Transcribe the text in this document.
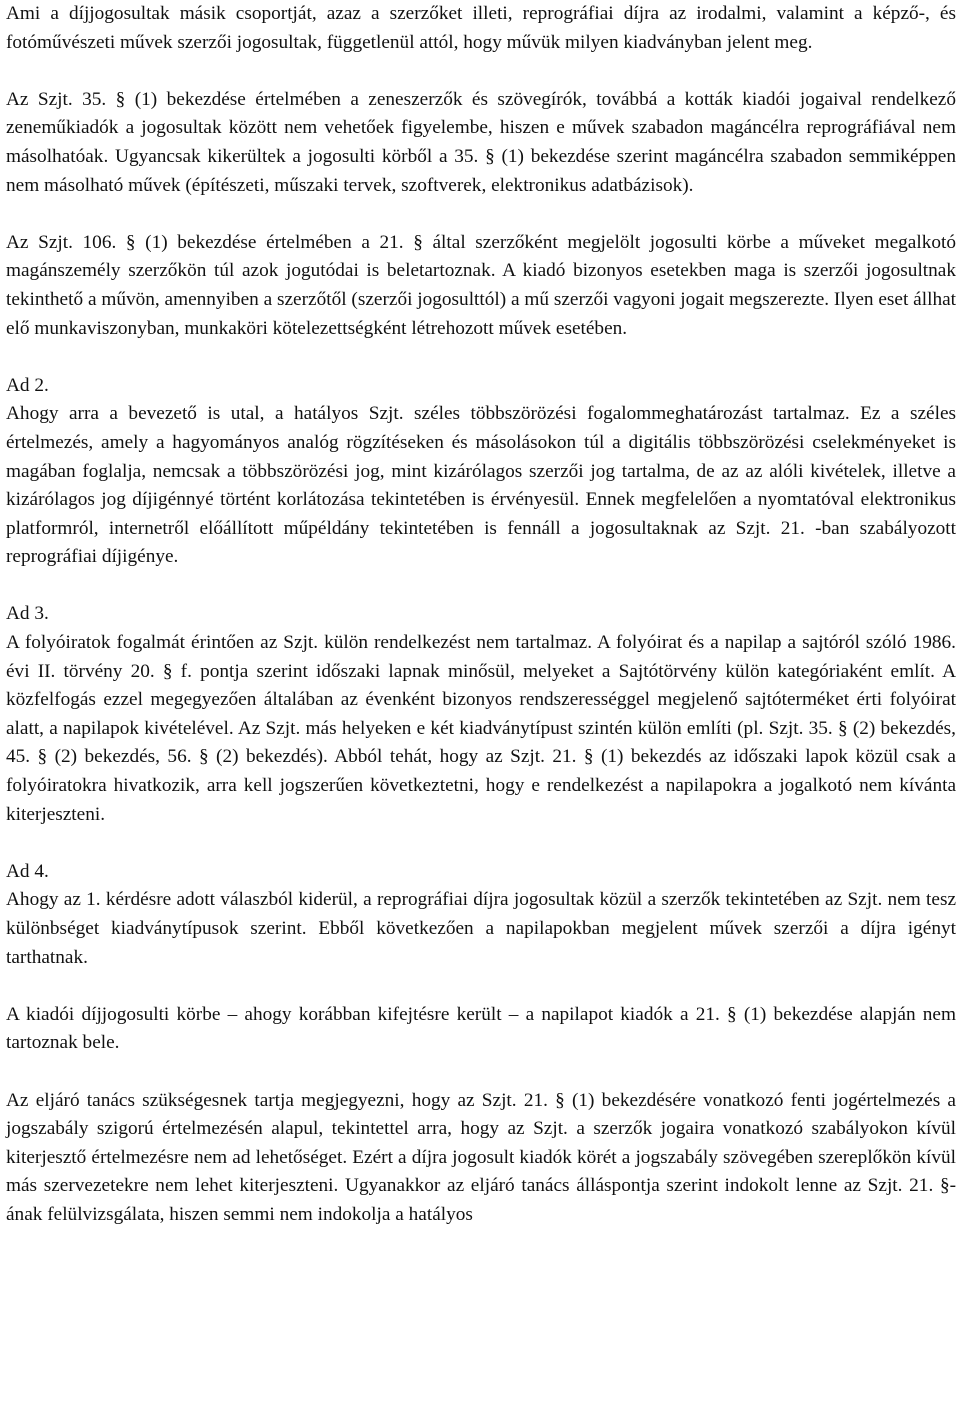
Ami a díjjogosultak másik csoportját, azaz a szerzőket illeti, reprográfiai díjra az irodalmi, valamint a képző-, és fotóművészeti művek szerzői jogosultak, függetlenül attól, hogy művük milyen kiadványban jelent meg.

Az Szjt. 35. § (1) bekezdése értelmében a zeneszerzők és szövegírók, továbbá a kották kiadói jogaival rendelkező zeneműkiadók a jogosultak között nem vehetőek figyelembe, hiszen e művek szabadon magáncélra reprográfiával nem másolhatóak. Ugyancsak kikerültek a jogosulti körből a 35. § (1) bekezdése szerint magáncélra szabadon semmiképpen nem másolható művek (építészeti, műszaki tervek, szoftverek, elektronikus adatbázisok).

Az Szjt. 106. § (1) bekezdése értelmében a 21. § által szerzőként megjelölt jogosulti körbe a műveket megalkotó magánszemély szerzőkön túl azok jogutódai is beletartoznak. A kiadó bizonyos esetekben maga is szerzői jogosultnak tekinthető a művön, amennyiben a szerzőtől (szerzői jogosulttól) a mű szerzői vagyoni jogait megszerezte. Ilyen eset állhat elő munkaviszonyban, munkaköri kötelezettségként létrehozott művek esetében.

Ad 2.

Ahogy arra a bevezető is utal, a hatályos Szjt. széles többszörözési fogalommeghatározást tartalmaz. Ez a széles értelmezés, amely a hagyományos analóg rögzítéseken és másolásokon túl a digitális többszörözési cselekményeket is magában foglalja, nemcsak a többszörözési jog, mint kizárólagos szerzői jog tartalma, de az az alóli kivételek, illetve a kizárólagos jog díjigénnyé történt korlátozása tekintetében is érvényesül. Ennek megfelelően a nyomtatóval elektronikus platformról, internetről előállított műpéldány tekintetében is fennáll a jogosultaknak az Szjt. 21. -ban szabályozott reprográfiai díjigénye.

Ad 3.

A folyóiratok fogalmát érintően az Szjt. külön rendelkezést nem tartalmaz. A folyóirat és a napilap a sajtóról szóló 1986. évi II. törvény 20. § f. pontja szerint időszaki lapnak minősül, melyeket a Sajtótörvény külön kategóriaként említ. A közfelfogás ezzel megegyezően általában az évenként bizonyos rendszerességgel megjelenő sajtóterméket érti folyóirat alatt, a napilapok kivételével. Az Szjt. más helyeken e két kiadványtípust szintén külön említi (pl. Szjt. 35. § (2) bekezdés, 45. § (2) bekezdés, 56. § (2) bekezdés). Abból tehát, hogy az Szjt. 21. § (1) bekezdés az időszaki lapok közül csak a folyóiratokra hivatkozik, arra kell jogszerűen következtetni, hogy e rendelkezést a napilapokra a jogalkotó nem kívánta kiterjeszteni.

Ad 4.

Ahogy az 1. kérdésre adott válaszból kiderül, a reprográfiai díjra jogosultak közül a szerzők tekintetében az Szjt. nem tesz különbséget kiadványtípusok szerint. Ebből következően a napilapokban megjelent művek szerzői a díjra igényt tarthatnak.

A kiadói díjjogosulti körbe – ahogy korábban kifejtésre került – a napilapot kiadók a 21. § (1) bekezdése alapján nem tartoznak bele.

Az eljáró tanács szükségesnek tartja megjegyezni, hogy az Szjt. 21. § (1) bekezdésére vonatkozó fenti jogértelmezés a jogszabály szigorú értelmezésén alapul, tekintettel arra, hogy az Szjt. a szerzők jogaira vonatkozó szabályokon kívül kiterjesztő értelmezésre nem ad lehetőséget. Ezért a díjra jogosult kiadók körét a jogszabály szövegében szereplőkön kívül más szervezetekre nem lehet kiterjeszteni. Ugyanakkor az eljáró tanács álláspontja szerint indokolt lenne az Szjt. 21. §-ának felülvizsgálata, hiszen semmi nem indokolja a hatályos
